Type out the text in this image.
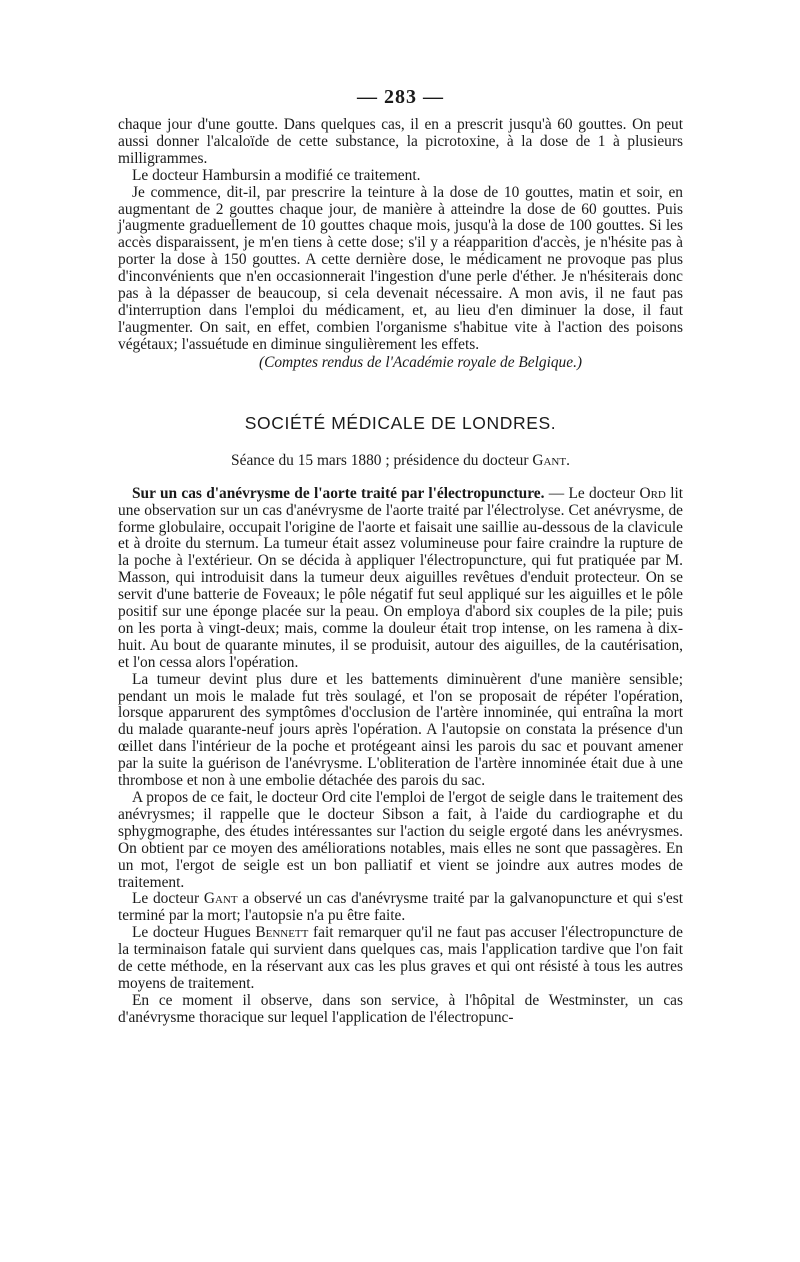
— 283 —

chaque jour d'une goutte. Dans quelques cas, il en a prescrit jusqu'à 60 gouttes. On peut aussi donner l'alcaloïde de cette substance, la picrotoxine, à la dose de 1 à plusieurs milligrammes.

Le docteur Hambursin a modifié ce traitement.

Je commence, dit-il, par prescrire la teinture à la dose de 10 gouttes, matin et soir, en augmentant de 2 gouttes chaque jour, de manière à atteindre la dose de 60 gouttes. Puis j'augmente graduellement de 10 gouttes chaque mois, jusqu'à la dose de 100 gouttes. Si les accès disparaissent, je m'en tiens à cette dose; s'il y a réapparition d'accès, je n'hésite pas à porter la dose à 150 gouttes. A cette dernière dose, le médicament ne provoque pas plus d'inconvénients que n'en occasionnerait l'ingestion d'une perle d'éther. Je n'hésiterais donc pas à la dépasser de beaucoup, si cela devenait nécessaire. A mon avis, il ne faut pas d'interruption dans l'emploi du médicament, et, au lieu d'en diminuer la dose, il faut l'augmenter. On sait, en effet, combien l'organisme s'habitue vite à l'action des poisons végétaux; l'assuétude en diminue singulièrement les effets.

(Comptes rendus de l'Académie royale de Belgique.)

SOCIÉTÉ MÉDICALE DE LONDRES.

Séance du 15 mars 1880 ; présidence du docteur Gant.

Sur un cas d'anévrysme de l'aorte traité par l'électropuncture. — Le docteur Ord lit une observation sur un cas d'anévrysme de l'aorte traité par l'électrolyse. Cet anévrysme, de forme globulaire, occupait l'origine de l'aorte et faisait une saillie au-dessous de la clavicule et à droite du sternum. La tumeur était assez volumineuse pour faire craindre la rupture de la poche à l'extérieur. On se décida à appliquer l'électropuncture, qui fut pratiquée par M. Masson, qui introduisit dans la tumeur deux aiguilles revêtues d'enduit protecteur. On se servit d'une batterie de Foveaux; le pôle négatif fut seul appliqué sur les aiguilles et le pôle positif sur une éponge placée sur la peau. On employa d'abord six couples de la pile; puis on les porta à vingt-deux; mais, comme la douleur était trop intense, on les ramena à dix-huit. Au bout de quarante minutes, il se produisit, autour des aiguilles, de la cautérisation, et l'on cessa alors l'opération.

La tumeur devint plus dure et les battements diminuèrent d'une manière sensible; pendant un mois le malade fut très soulagé, et l'on se proposait de répéter l'opération, lorsque apparurent des symptômes d'occlusion de l'artère innominée, qui entraîna la mort du malade quarante-neuf jours après l'opération. A l'autopsie on constata la présence d'un œillet dans l'intérieur de la poche et protégeant ainsi les parois du sac et pouvant amener par la suite la guérison de l'anévrysme. L'obliteration de l'artère innominée était due à une thrombose et non à une embolie détachée des parois du sac.

A propos de ce fait, le docteur Ord cite l'emploi de l'ergot de seigle dans le traitement des anévrysmes; il rappelle que le docteur Sibson a fait, à l'aide du cardiographe et du sphygmographe, des études intéressantes sur l'action du seigle ergoté dans les anévrysmes. On obtient par ce moyen des améliorations notables, mais elles ne sont que passagères. En un mot, l'ergot de seigle est un bon palliatif et vient se joindre aux autres modes de traitement.

Le docteur Gant a observé un cas d'anévrysme traité par la galvanopuncture et qui s'est terminé par la mort; l'autopsie n'a pu être faite.

Le docteur Hugues Bennett fait remarquer qu'il ne faut pas accuser l'électropuncture de la terminaison fatale qui survient dans quelques cas, mais l'application tardive que l'on fait de cette méthode, en la réservant aux cas les plus graves et qui ont résisté à tous les autres moyens de traitement.

En ce moment il observe, dans son service, à l'hôpital de Westminster, un cas d'anévrysme thoracique sur lequel l'application de l'électropunc-
